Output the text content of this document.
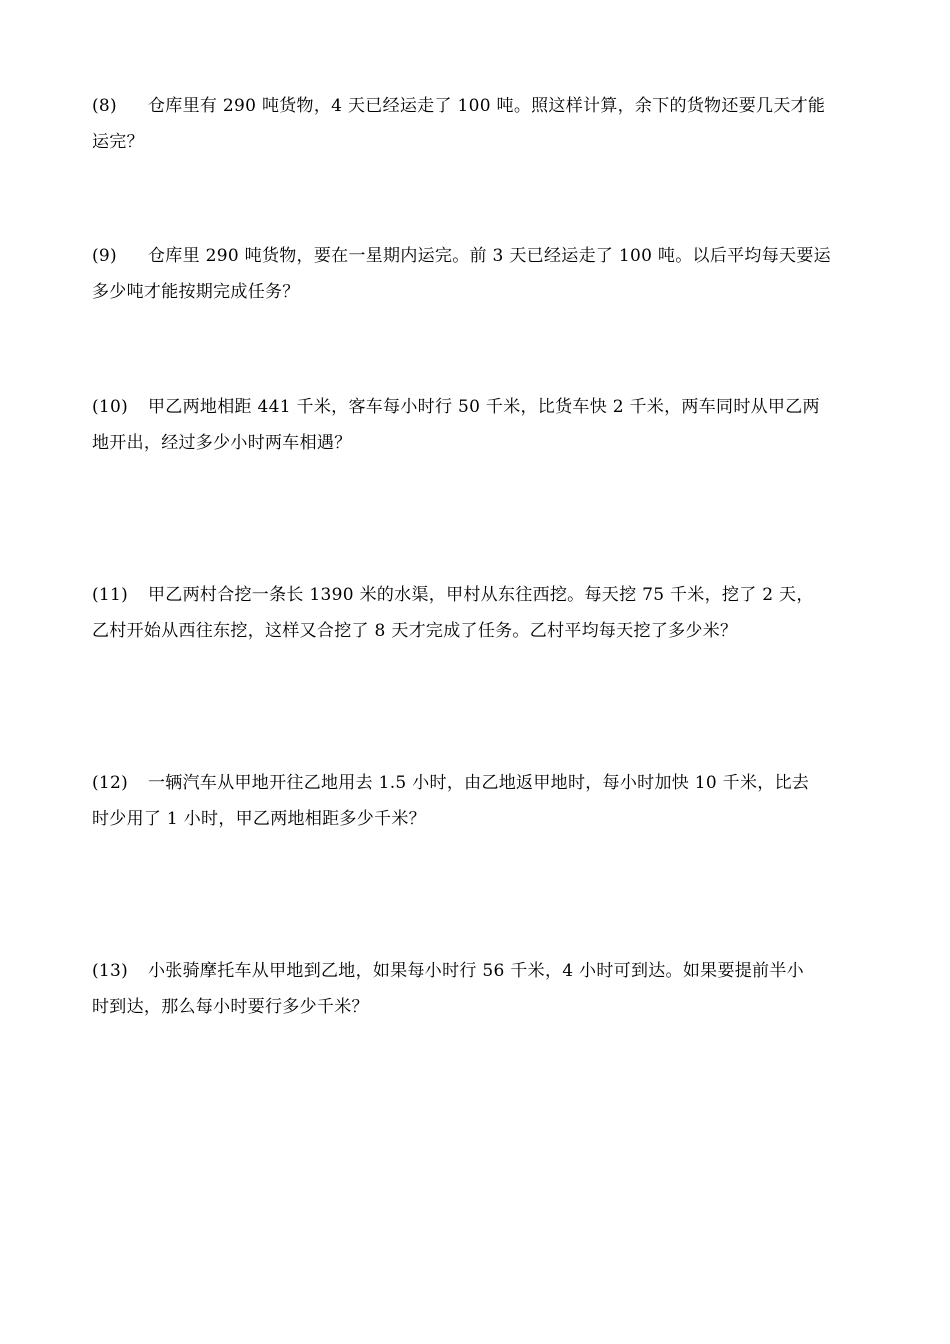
(8) 仓库里有 290 吨货物，4 天已经运走了 100 吨。照这样计算，余下的货物还要几天才能
运完？
(9) 仓库里 290 吨货物，要在一星期内运完。前 3 天已经运走了 100 吨。以后平均每天要运
多少吨才能按期完成任务？
(10) 甲乙两地相距 441 千米，客车每小时行 50 千米，比货车快 2 千米，两车同时从甲乙两
地开出，经过多少小时两车相遇？
(11) 甲乙两村合挖一条长 1390 米的水渠，甲村从东往西挖。每天挖 75 千米，挖了 2 天，
乙村开始从西往东挖，这样又合挖了 8 天才完成了任务。乙村平均每天挖了多少米？
(12) 一辆汽车从甲地开往乙地用去 1.5 小时，由乙地返甲地时，每小时加快 10 千米，比去
时少用了 1 小时，甲乙两地相距多少千米？
(13) 小张骑摩托车从甲地到乙地，如果每小时行 56 千米，4 小时可到达。如果要提前半小
时到达，那么每小时要行多少千米？
